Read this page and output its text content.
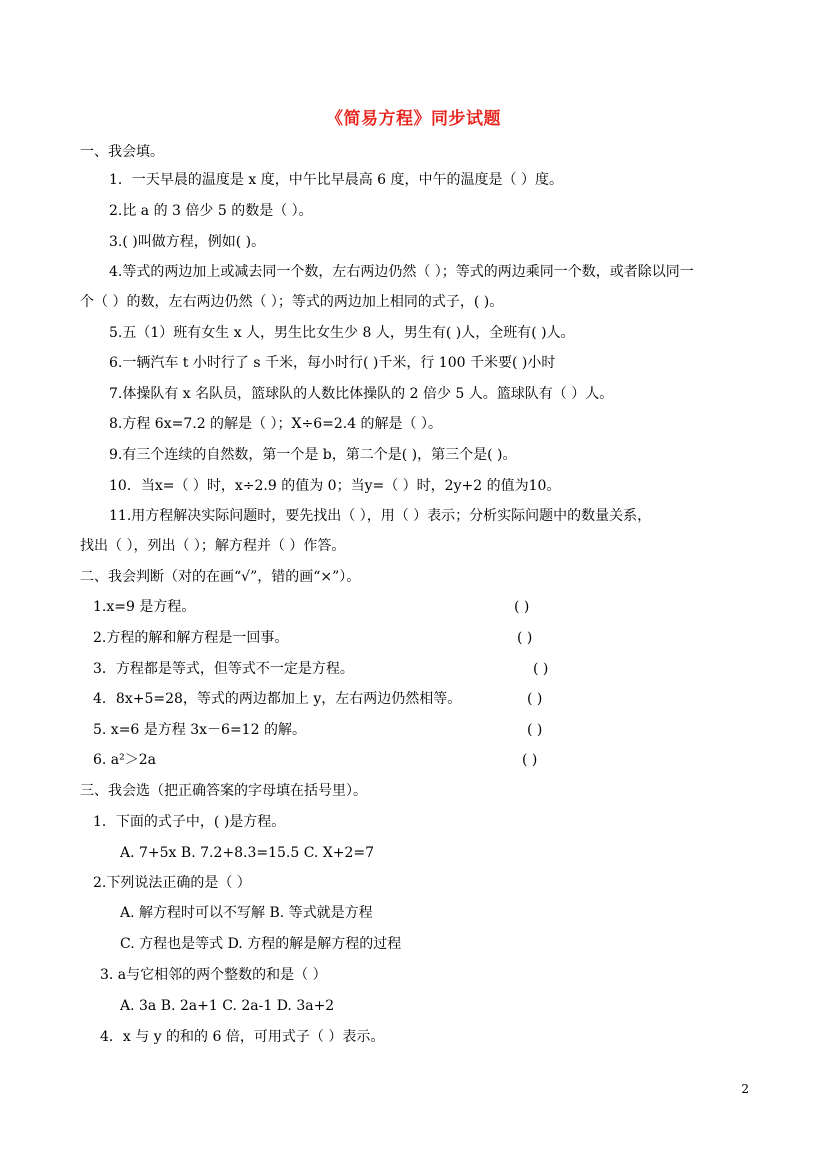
《简易方程》同步试题
一、我会填。
1．一天早晨的温度是 x 度，中午比早晨高 6 度，中午的温度是（ ）度。
2.比 a 的 3 倍少 5 的数是（ ）。
3.( )叫做方程，例如( )。
4.等式的两边加上或减去同一个数，左右两边仍然（ ）；等式的两边乘同一个数，或者除以同一
个（ ）的数，左右两边仍然（ ）；等式的两边加上相同的式子，( )。
5.五（1）班有女生 x 人，男生比女生少 8 人，男生有( )人，全班有( )人。
6.一辆汽车 t 小时行了 s 千米，每小时行( )千米，行 100 千米要( )小时
7.体操队有 x 名队员，篮球队的人数比体操队的 2 倍少 5 人。篮球队有（ ）人。
8.方程 6x=7.2 的解是（ ）；X÷6=2.4 的解是（ ）。
9.有三个连续的自然数，第一个是 b，第二个是( )，第三个是( )。
10．当x=（ ）时，x÷2.9 的值为 0；当y=（ ）时，2y+2 的值为10。
11.用方程解决实际问题时，要先找出（ ），用（ ）表示；分析实际问题中的数量关系，
找出（ ），列出（ ）；解方程并（ ）作答。
二、我会判断（对的在画“√”，错的画“×”）。
1.x=9 是方程。	( )
2.方程的解和解方程是一回事。	( )
3．方程都是等式，但等式不一定是方程。	( )
4．8x+5=28，等式的两边都加上 y，左右两边仍然相等。	( )
5. x=6 是方程 3x－6=12 的解。	( )
6. a²＞2a	( )
三、我会选（把正确答案的字母填在括号里）。
1．下面的式子中，( )是方程。
A. 7+5x B. 7.2+8.3=15.5 C. X+2=7
2.下列说法正确的是（ ）
A. 解方程时可以不写解 B. 等式就是方程
C. 方程也是等式 D. 方程的解是解方程的过程
3. a与它相邻的两个整数的和是（ ）
A. 3a B. 2a+1 C. 2a-1 D. 3a+2
4．x 与 y 的和的 6 倍，可用式子（ ）表示。
2
